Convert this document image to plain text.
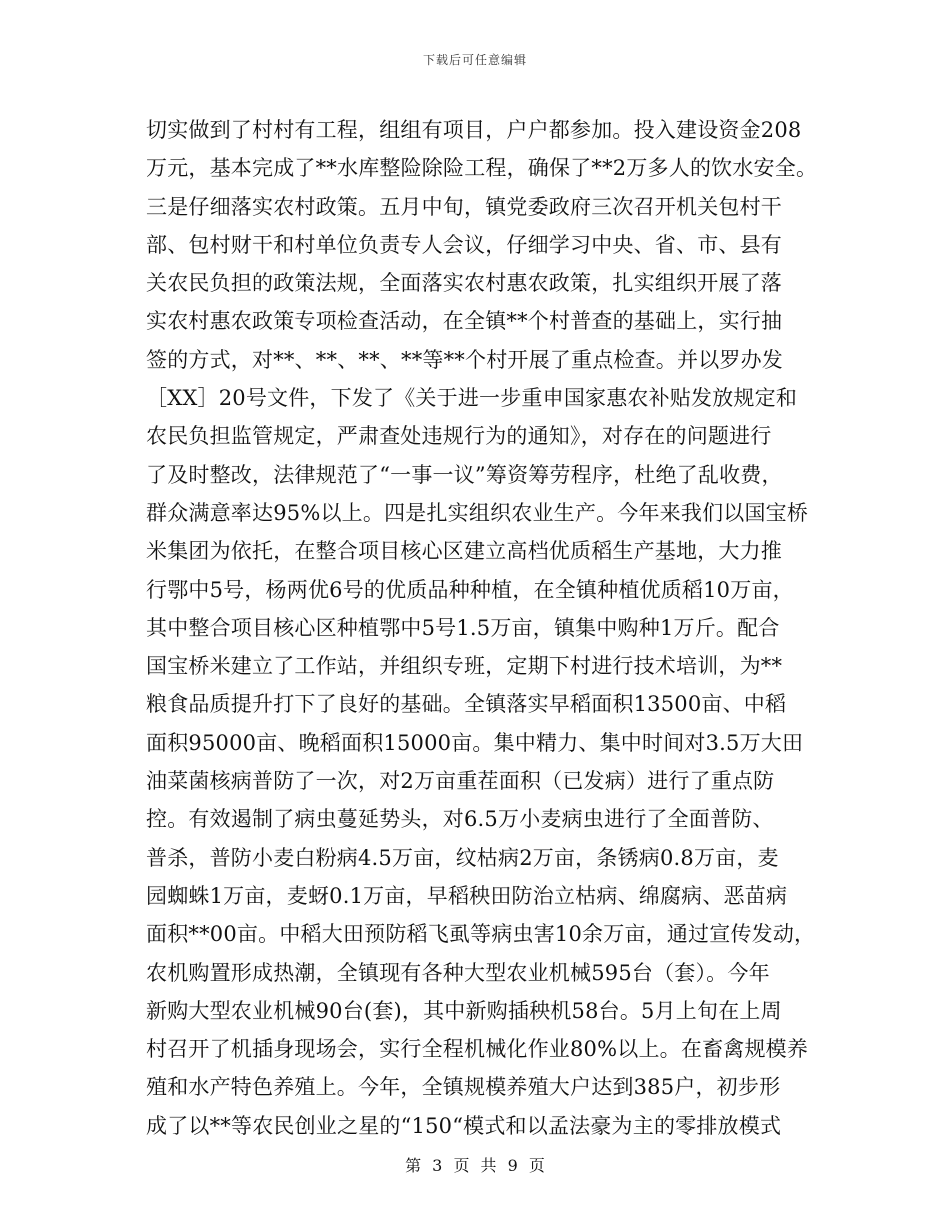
下载后可任意编辑
切实做到了村村有工程，组组有项目，户户都参加。投入建设资金208
万元，基本完成了**水库整险除险工程，确保了**2万多人的饮水安全。
三是仔细落实农村政策。五月中旬，镇党委政府三次召开机关包村干
部、包村财干和村单位负责专人会议，仔细学习中央、省、市、县有
关农民负担的政策法规，全面落实农村惠农政策，扎实组织开展了落
实农村惠农政策专项检查活动，在全镇**个村普查的基础上，实行抽
签的方式，对**、**、**、**等**个村开展了重点检查。并以罗办发
［XX］20号文件，下发了《关于进一步重申国家惠农补贴发放规定和
农民负担监管规定，严肃查处违规行为的通知》，对存在的问题进行
了及时整改，法律规范了“一事一议”筹资筹劳程序，杜绝了乱收费，
群众满意率达95%以上。四是扎实组织农业生产。今年来我们以国宝桥
米集团为依托，在整合项目核心区建立高档优质稻生产基地，大力推
行鄂中5号，杨两优6号的优质品种种植，在全镇种植优质稻10万亩，
其中整合项目核心区种植鄂中5号1.5万亩，镇集中购种1万斤。配合
国宝桥米建立了工作站，并组织专班，定期下村进行技术培训，为**
粮食品质提升打下了良好的基础。全镇落实早稻面积13500亩、中稻
面积95000亩、晚稻面积15000亩。集中精力、集中时间对3.5万大田
油菜菌核病普防了一次，对2万亩重茬面积（已发病）进行了重点防
控。有效遏制了病虫蔓延势头，对6.5万小麦病虫进行了全面普防、
普杀，普防小麦白粉病4.5万亩，纹枯病2万亩，条锈病0.8万亩，麦
园蜘蛛1万亩，麦蚜0.1万亩，早稻秧田防治立枯病、绵腐病、恶苗病
面积**00亩。中稻大田预防稻飞虱等病虫害10余万亩，通过宣传发动，
农机购置形成热潮，全镇现有各种大型农业机械595台（套）。今年
新购大型农业机械90台(套)，其中新购插秧机58台。5月上旬在上周
村召开了机插身现场会，实行全程机械化作业80%以上。在畜禽规模养
殖和水产特色养殖上。今年，全镇规模养殖大户达到385户，初步形
成了以**等农民创业之星的“150“模式和以孟法豪为主的零排放模式
第 3 页 共 9 页
